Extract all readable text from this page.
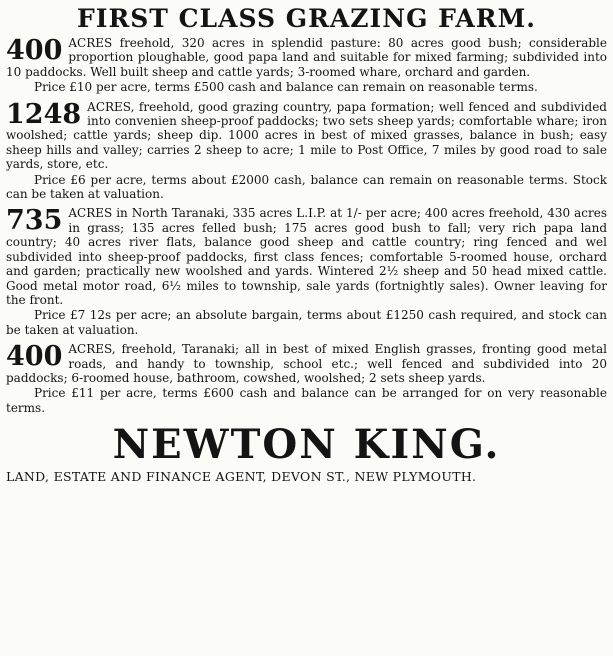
FIRST CLASS GRAZING FARM.
400 ACRES freehold, 320 acres in splendid pasture: 80 acres good bush; considerable proportion ploughable, good papa land and suitable for mixed farming; subdivided into 10 paddocks. Well built sheep and cattle yards; 3-roomed whare, orchard and garden.

Price £10 per acre, terms £500 cash and balance can remain on reasonable terms.

1248 ACRES, freehold, good grazing country, papa formation; well fenced and subdivided into convenien sheep-proof paddocks; two sets sheep yards; comfortable whare; iron woolshed; cattle yards; sheep dip. 1000 acres in best of mixed grasses, balance in bush; easy sheep hills and valley; carries 2 sheep to acre; 1 mile to Post Office, 7 miles by good road to sale yards, store, etc.

Price £6 per acre, terms about £2000 cash, balance can remain on reasonable terms. Stock can be taken at valuation.

735 ACRES in North Taranaki, 335 acres L.I.P. at 1/- per acre; 400 acres freehold, 430 acres in grass; 135 acres felled bush; 175 acres good bush to fall; very rich papa land country; 40 acres river flats, balance good sheep and cattle country; ring fenced and wel subdivided into sheep-proof paddocks, first class fences; comfortable 5-roomed house, orchard and garden; practically new woolshed and yards. Wintered 2½ sheep and 50 head mixed cattle. Good metal motor road, 6½ miles to township, sale yards (fortnightly sales). Owner leaving for the front.

Price £7 12s per acre; an absolute bargain, terms about £1250 cash required, and stock can be taken at valuation.

400 ACRES, freehold, Taranaki; all in best of mixed English grasses, fronting good metal roads, and handy to township, school etc.; well fenced and subdivided into 20 paddocks; 6-roomed house, bathroom, cowshed, woolshed; 2 sets sheep yards.

Price £11 per acre, terms £600 cash and balance can be arranged for on very reasonable terms.

NEWTON KING.
LAND, ESTATE AND FINANCE AGENT, DEVON ST., NEW PLYMOUTH.
